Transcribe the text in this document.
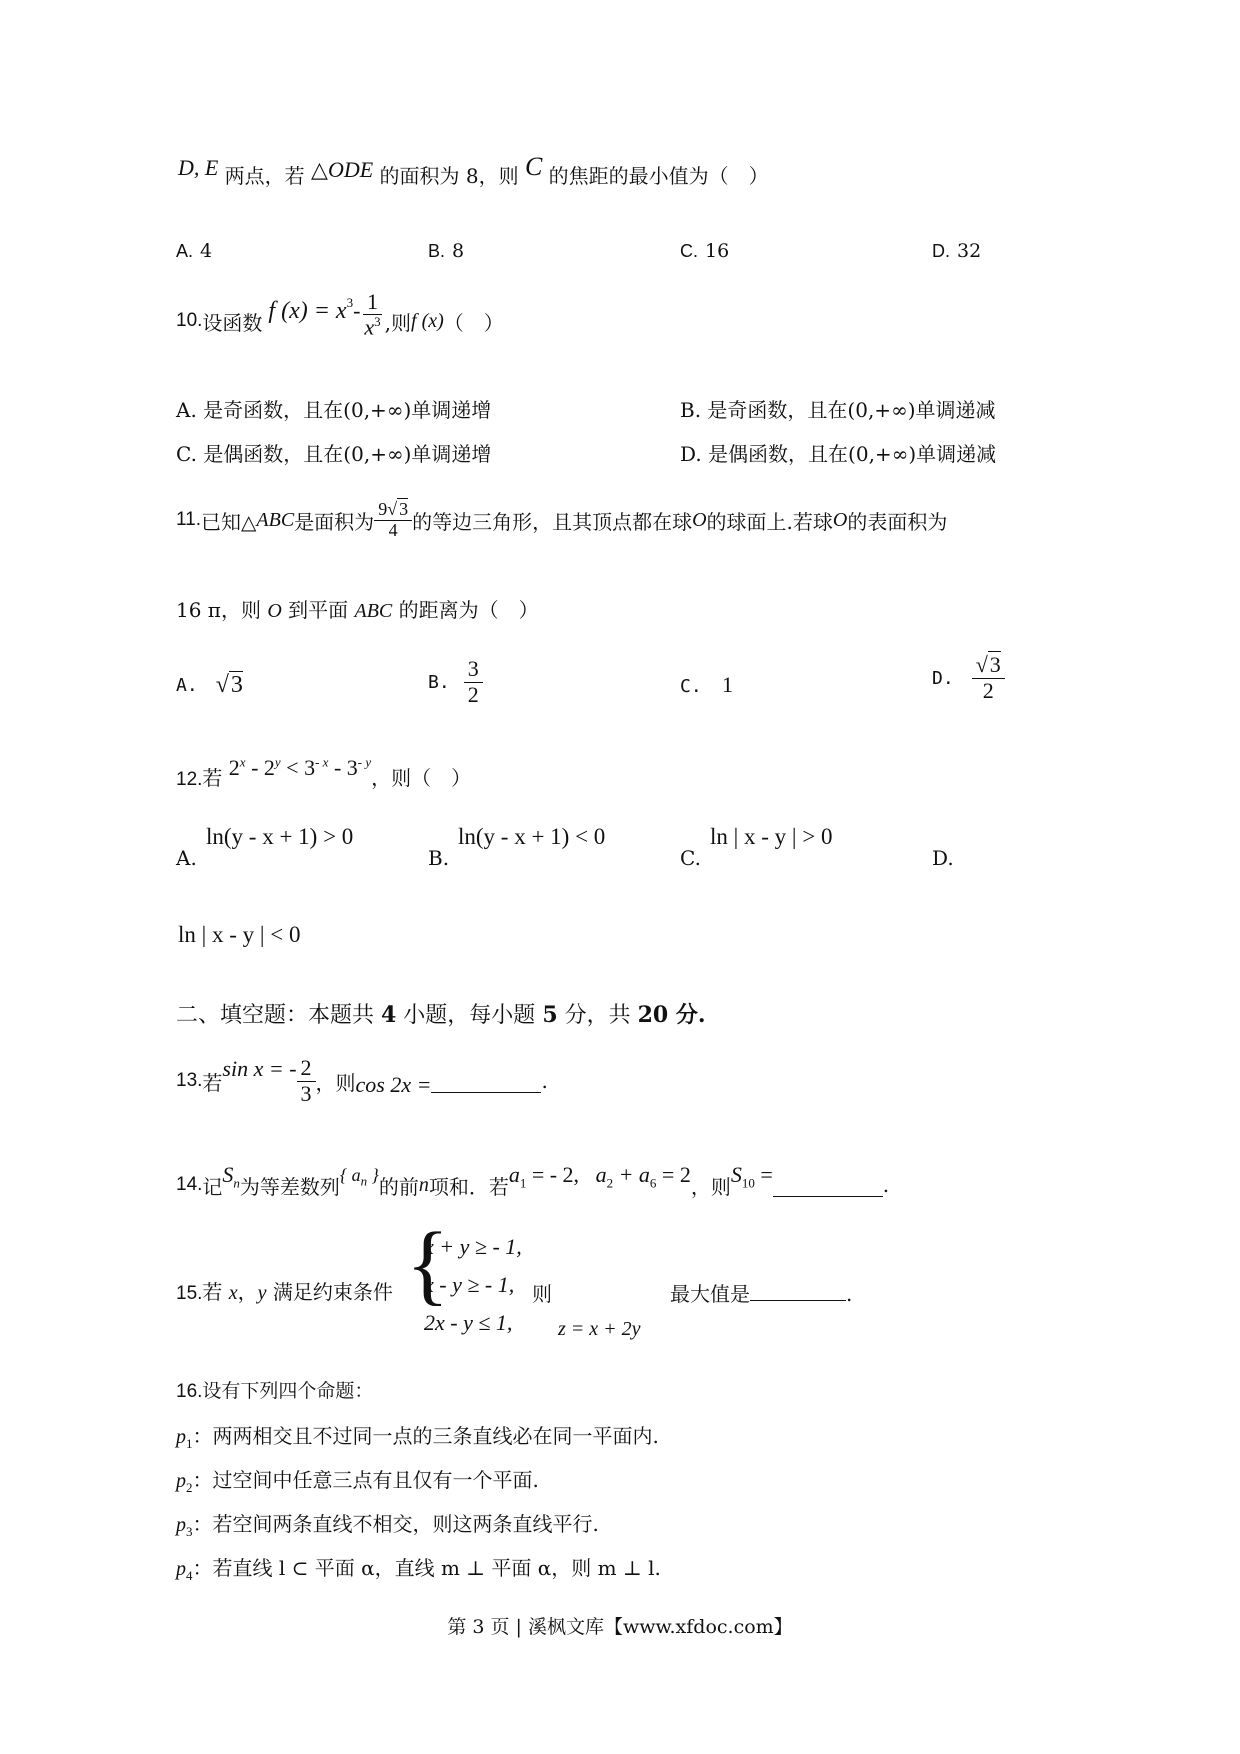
D, E 两点，若 △ODE 的面积为 8，则 C 的焦距的最小值为（　）
A. 4	B. 8	C. 16	D. 32
10. 设函数 f (x) = x $3 - \frac{1}{x^3}$ ,则 f (x) （　）
A. 是奇函数，且在(0,+∞)单调递增	B. 是奇函数，且在(0,+∞)单调递减
C. 是偶函数，且在(0,+∞)单调递增	D. 是偶函数，且在(0,+∞)单调递减
11. 已知△ ABC 是面积为 $\frac{9√ 3}{4}$ 的等边三角形，且其顶点都在球 O 的球面上.若球 O 的表面积为
16 π，则 O 到平面 ABC 的距离为（　）
A. √3	B. $\frac{3}{2}$	C. 1	D. $\frac{√3}{2}$
12.若 $2^x - 2^y < 3^{- x} - 3^{- y}$，则（　）
A.
ln(y - x + 1) > 0
B.
ln(y - x + 1) < 0
C.
ln | x - y | > 0
D.
ln | x - y | < 0
二、填空题：本题共 4 小题，每小题 5 分，共 20 分.
13. 若
sin x = - $\frac{2}{3}$ ，则 cos 2x =	.
14. 记 $S_n$ 为等差数列 { $a_n$ } 的前 n 项和．若 $a_1$ = - 2, $a_2 + a_6 = 2$ ，则 $S_{10}$ =	.
15.若 x，y 满足约束条件 {
x + y ≥ - 1,
x - y ≥ - 1, 则
2x - y ≤ 1, z = x + 2y
最大值是	.
16.设有下列四个命题：
$p_1$：两两相交且不过同一点的三条直线必在同一平面内.
$p_2$：过空间中任意三点有且仅有一个平面.
$p_3$：若空间两条直线不相交，则这两条直线平行.
$p_4$：若直线 l ⊂ 平面 α，直线 m ⊥ 平面 α，则 m ⊥ l.
第 3 页 | 溪枫文库【www.xfdoc.com】
